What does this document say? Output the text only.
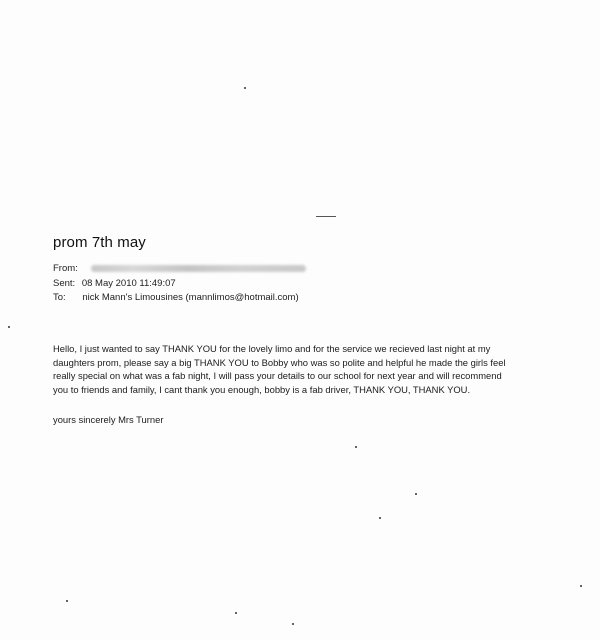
prom 7th may
From:
Sent: 08 May 2010 11:49:07
To: nick Mann's Limousines (mannlimos@hotmail.com)
Hello, I just wanted to say THANK YOU for the lovely limo and for the service we recieved last night at my
daughters prom, please say a big THANK YOU to Bobby who was so polite and helpful he made the girls feel
really special on what was a fab night, I will pass your details to our school for next year and will recommend
you to friends and family, I cant thank you enough, bobby is a fab driver, THANK YOU, THANK YOU.
yours sincerely Mrs Turner
